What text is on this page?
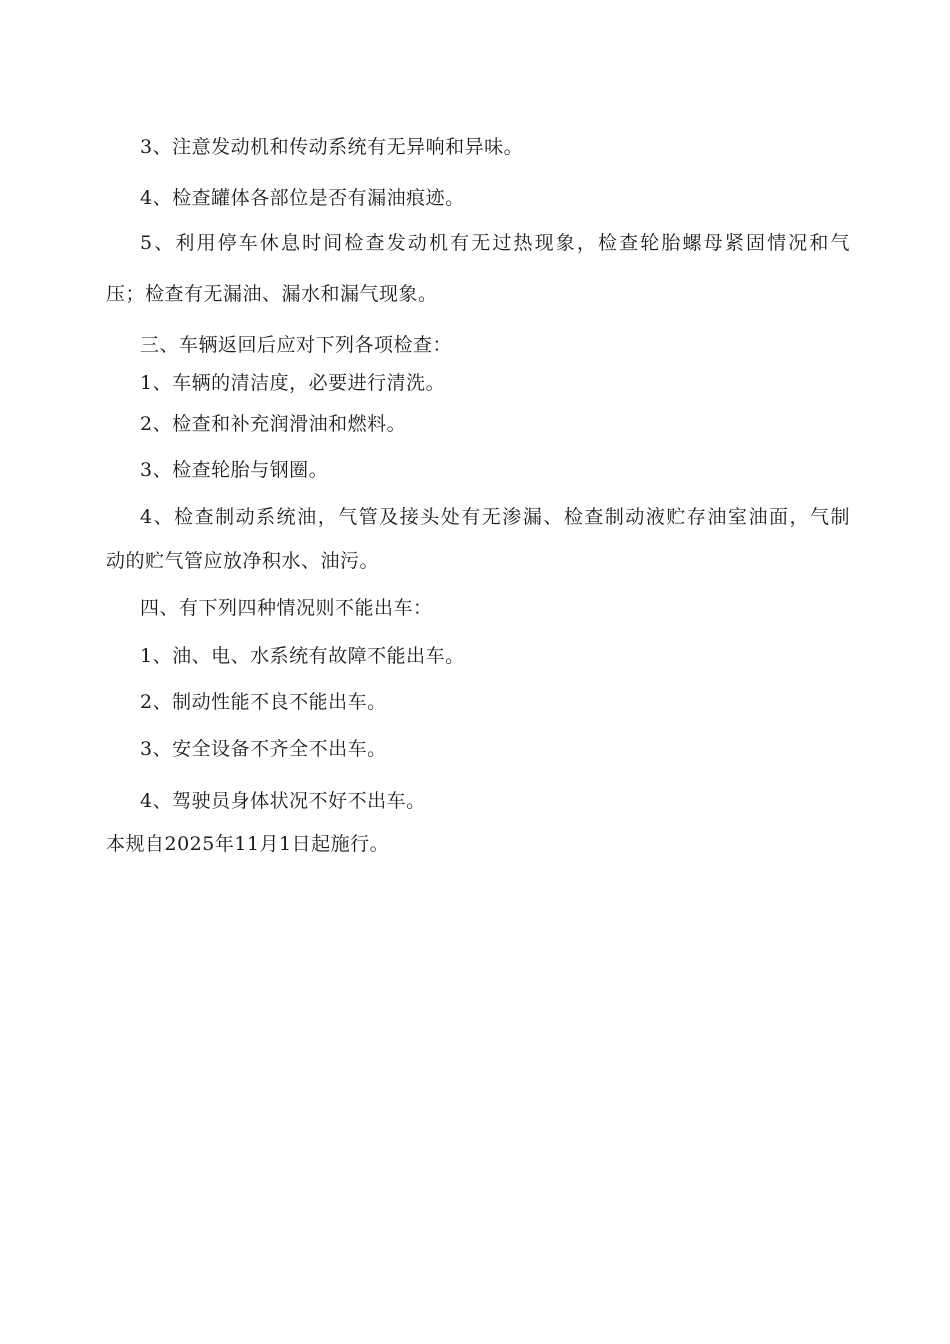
3、注意发动机和传动系统有无异响和异味。
4、检查罐体各部位是否有漏油痕迹。
5、利用停车休息时间检查发动机有无过热现象，检查轮胎螺母紧固情况和气
压；检查有无漏油、漏水和漏气现象。
三、车辆返回后应对下列各项检查：
1、车辆的清洁度，必要进行清洗。
2、检查和补充润滑油和燃料。
3、检查轮胎与钢圈。
4、检查制动系统油，气管及接头处有无渗漏、检查制动液贮存油室油面，气制
动的贮气管应放净积水、油污。
四、有下列四种情况则不能出车：
1、油、电、水系统有故障不能出车。
2、制动性能不良不能出车。
3、安全设备不齐全不出车。
4、驾驶员身体状况不好不出车。
本规自2025年11月1日起施行。
